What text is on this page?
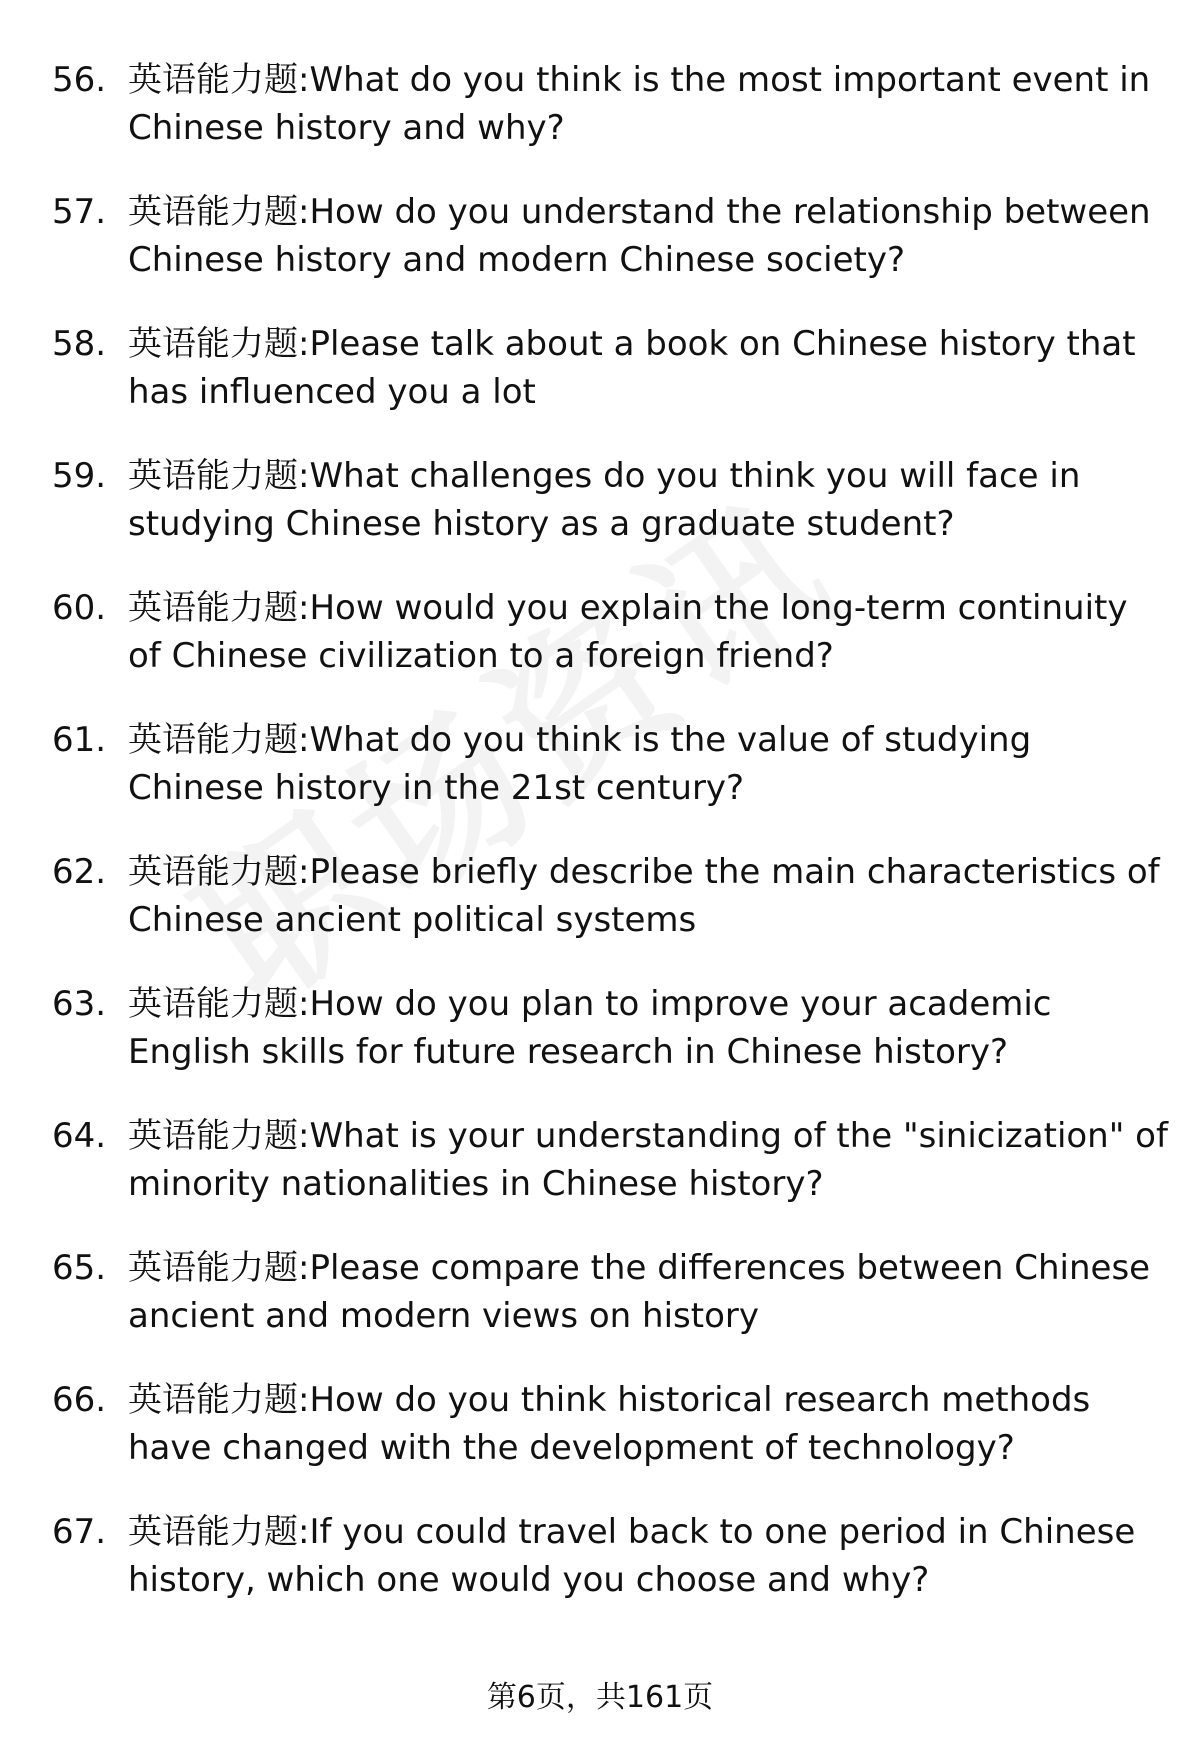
56. 英语能力题:What do you think is the most important event in Chinese history and why?
57. 英语能力题:How do you understand the relationship between Chinese history and modern Chinese society?
58. 英语能力题:Please talk about a book on Chinese history that has influenced you a lot
59. 英语能力题:What challenges do you think you will face in studying Chinese history as a graduate student?
60. 英语能力题:How would you explain the long-term continuity of Chinese civilization to a foreign friend?
61. 英语能力题:What do you think is the value of studying Chinese history in the 21st century?
62. 英语能力题:Please briefly describe the main characteristics of Chinese ancient political systems
63. 英语能力题:How do you plan to improve your academic English skills for future research in Chinese history?
64. 英语能力题:What is your understanding of the "sinicization" of minority nationalities in Chinese history?
65. 英语能力题:Please compare the differences between Chinese ancient and modern views on history
66. 英语能力题:How do you think historical research methods have changed with the development of technology?
67. 英语能力题:If you could travel back to one period in Chinese history, which one would you choose and why?
第6页，共161页
